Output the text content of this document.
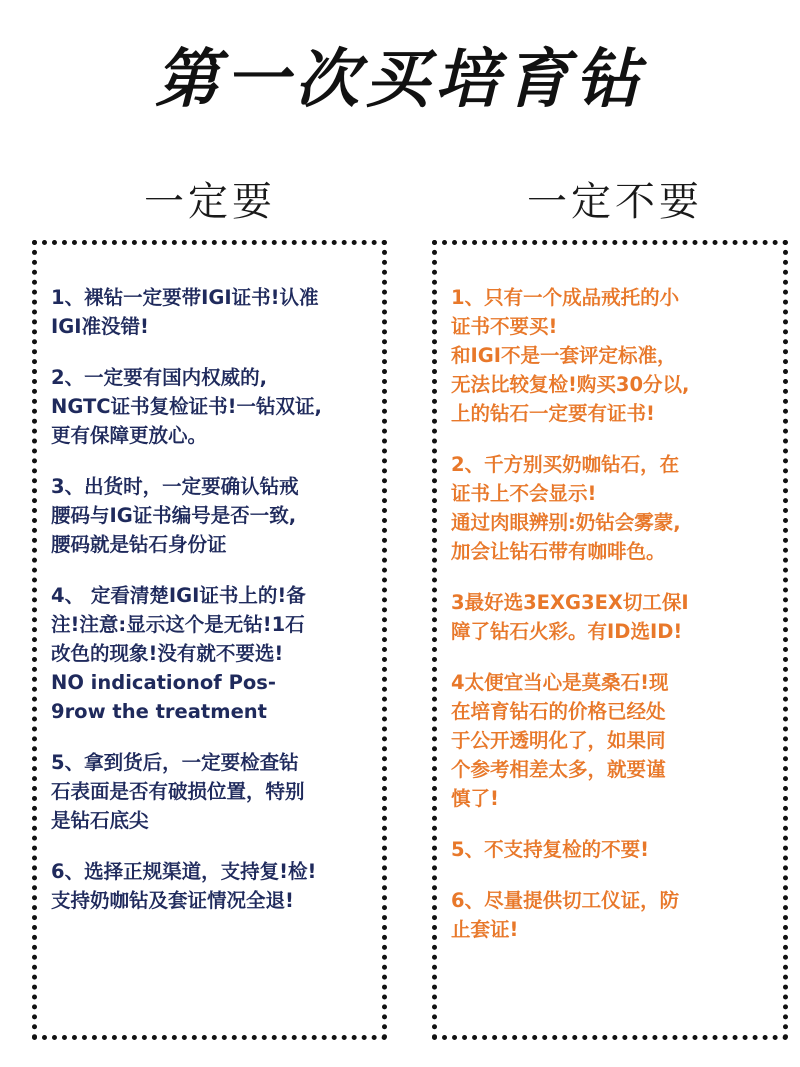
第一次买培育钻
一定要	一定不要
1、裸钻一定要带IGI证书!认准
IGI准没错!
2、一定要有国内权威的,
NGTC证书复检证书!一钻双证,
更有保障更放心。
3、出货时，一定要确认钻戒
腰码与IG证书编号是否一致,
腰码就是钻石身份证
4、 定看清楚IGI证书上的!备
注!注意:显示这个是无钻!1石
改色的现象!没有就不要选!
NO indicationof Pos-
9row the treatment
5、拿到货后，一定要检查钻
石表面是否有破损位置，特别
是钻石底尖
6、选择正规渠道，支持复!检!
支持奶咖钻及套证情况全退!
1、只有一个成品戒托的小
证书不要买!
和IGI不是一套评定标准，
无法比较复检!购买30分以,
上的钻石一定要有证书!
2、千方别买奶咖钻石，在
证书上不会显示!
通过肉眼辨别:奶钻会雾蒙,
加会让钻石带有咖啡色。
3最好选3EXG3EX切工保I
障了钻石火彩。有ID选ID!
4太便宜当心是莫桑石!现
在培育钻石的价格已经处
于公开透明化了，如果同
个参考相差太多，就要谨
慎了!
5、不支持复检的不要!
6、尽量提供切工仪证，防
止套证!
